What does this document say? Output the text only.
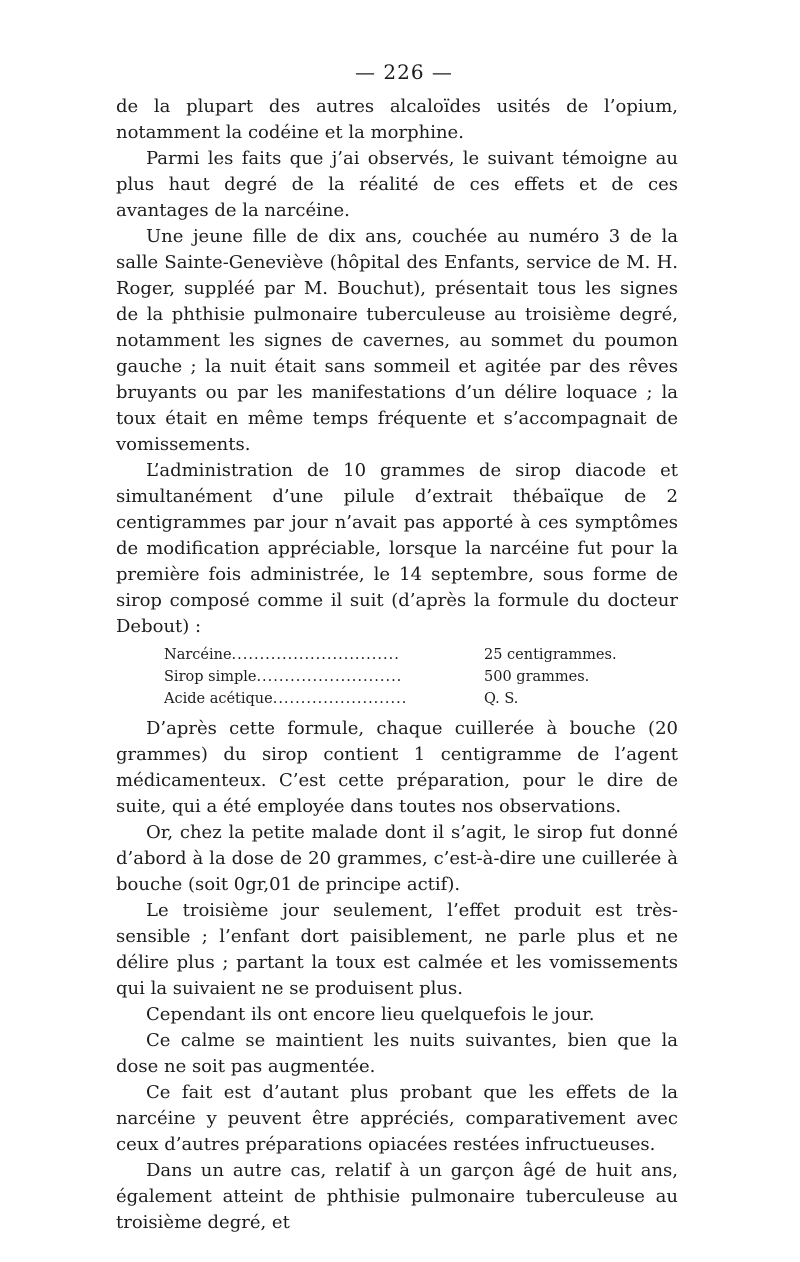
— 226 —

de la plupart des autres alcaloïdes usités de l’opium, notamment la codéine et la morphine.

Parmi les faits que j’ai observés, le suivant témoigne au plus haut degré de la réalité de ces effets et de ces avantages de la narcéine.

Une jeune fille de dix ans, couchée au numéro 3 de la salle Sainte-Geneviève (hôpital des Enfants, service de M. H. Roger, suppléé par M. Bouchut), présentait tous les signes de la phthisie pulmonaire tuberculeuse au troisième degré, notamment les signes de cavernes, au sommet du poumon gauche ; la nuit était sans sommeil et agitée par des rêves bruyants ou par les manifestations d’un délire loquace ; la toux était en même temps fréquente et s’accompagnait de vomissements.

L’administration de 10 grammes de sirop diacode et simultanément d’une pilule d’extrait thébaïque de 2 centigrammes par jour n’avait pas apporté à ces symptômes de modification appréciable, lorsque la narcéine fut pour la première fois administrée, le 14 septembre, sous forme de sirop composé comme il suit (d’après la formule du docteur Debout) :

Narcéine..............................	25 centigrammes.
Sirop simple..........................	500 grammes.
Acide acétique........................	Q. S.

D’après cette formule, chaque cuillerée à bouche (20 grammes) du sirop contient 1 centigramme de l’agent médicamenteux. C’est cette préparation, pour le dire de suite, qui a été employée dans toutes nos observations.

Or, chez la petite malade dont il s’agit, le sirop fut donné d’abord à la dose de 20 grammes, c’est-à-dire une cuillerée à bouche (soit 0gr,01 de principe actif).

Le troisième jour seulement, l’effet produit est très-sensible ; l’enfant dort paisiblement, ne parle plus et ne délire plus ; partant la toux est calmée et les vomissements qui la suivaient ne se produisent plus.

Cependant ils ont encore lieu quelquefois le jour.

Ce calme se maintient les nuits suivantes, bien que la dose ne soit pas augmentée.

Ce fait est d’autant plus probant que les effets de la narcéine y peuvent être appréciés, comparativement avec ceux d’autres préparations opiacées restées infructueuses.

Dans un autre cas, relatif à un garçon âgé de huit ans, également atteint de phthisie pulmonaire tuberculeuse au troisième degré, et
